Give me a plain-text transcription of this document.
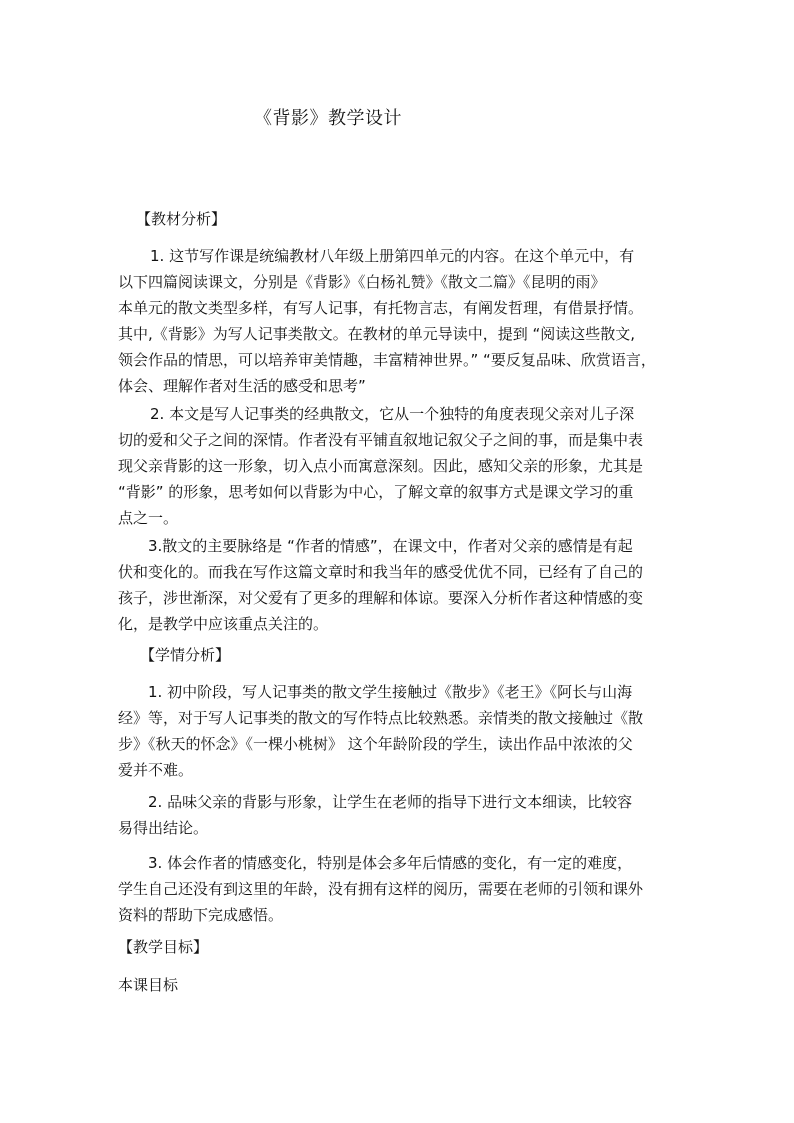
《背影》教学设计
【教材分析】
1. 这节写作课是统编教材八年级上册第四单元的内容。在这个单元中，有
以下四篇阅读课文，分别是《背影》《白杨礼赞》《散文二篇》《昆明的雨》
本单元的散文类型多样，有写人记事，有托物言志，有阐发哲理，有借景抒情。
其中,《背影》为写人记事类散文。在教材的单元导读中，提到 “阅读这些散文,
领会作品的情思，可以培养审美情趣，丰富精神世界。” “要反复品味、欣赏语言，
体会、理解作者对生活的感受和思考”
2. 本文是写人记事类的经典散文，它从一个独特的角度表现父亲对儿子深
切的爱和父子之间的深情。作者没有平铺直叙地记叙父子之间的事，而是集中表
现父亲背影的这一形象，切入点小而寓意深刻。因此，感知父亲的形象，尤其是
“背影” 的形象，思考如何以背影为中心，了解文章的叙事方式是课文学习的重
点之一。
3.散文的主要脉络是 “作者的情感”，在课文中，作者对父亲的感情是有起
伏和变化的。而我在写作这篇文章时和我当年的感受优优不同，已经有了自己的
孩子，涉世渐深，对父爱有了更多的理解和体谅。要深入分析作者这种情感的变
化，是教学中应该重点关注的。
【学情分析】
1. 初中阶段，写人记事类的散文学生接触过《散步》《老王》《阿长与山海
经》等，对于写人记事类的散文的写作特点比较熟悉。亲情类的散文接触过《散
步》《秋天的怀念》《一棵小桃树》 这个年龄阶段的学生，读出作品中浓浓的父
爱并不难。
2. 品味父亲的背影与形象，让学生在老师的指导下进行文本细读，比较容
易得出结论。
3. 体会作者的情感变化，特别是体会多年后情感的变化，有一定的难度，
学生自己还没有到这里的年龄，没有拥有这样的阅历，需要在老师的引领和课外
资料的帮助下完成感悟。
【教学目标】
本课目标
